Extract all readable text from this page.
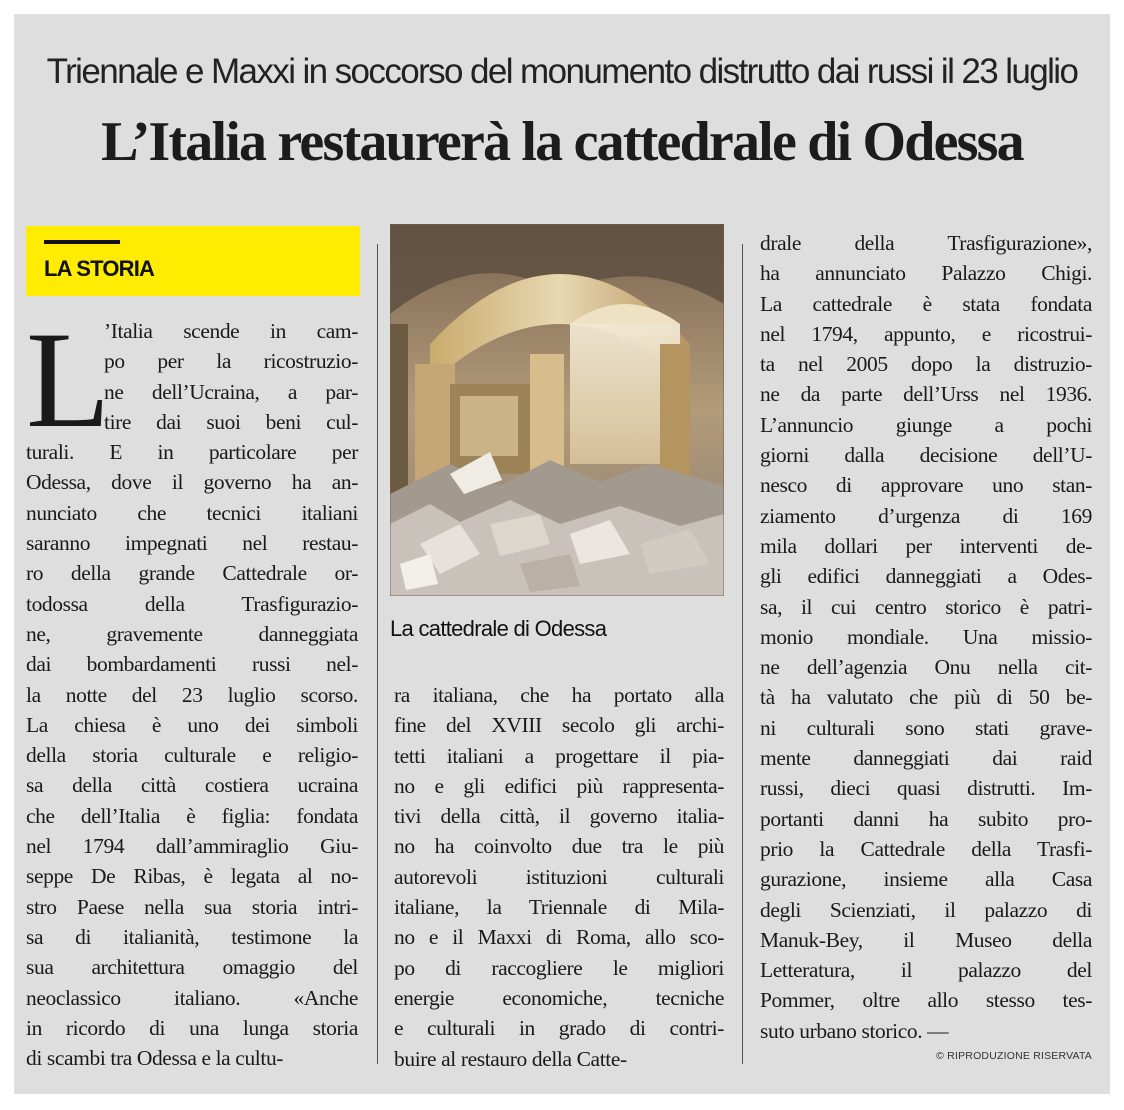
Triennale e Maxxi in soccorso del monumento distrutto dai russi il 23 luglio
L’Italia restaurerà la cattedrale di Odessa
LA STORIA
L
’Italia scende in cam-
po per la ricostruzio-
ne dell’Ucraina, a par-
tire dai suoi beni cul-
turali. E in particolare per
Odessa, dove il governo ha an-
nunciato che tecnici italiani
saranno impegnati nel restau-
ro della grande Cattedrale or-
todossa della Trasfigurazio-
ne, gravemente danneggiata
dai bombardamenti russi nel-
la notte del 23 luglio scorso.
La chiesa è uno dei simboli
della storia culturale e religio-
sa della città costiera ucraina
che dell’Italia è figlia: fondata
nel 1794 dall’ammiraglio Giu-
seppe De Ribas, è legata al no-
stro Paese nella sua storia intri-
sa di italianità, testimone la
sua architettura omaggio del
neoclassico italiano. «Anche
in ricordo di una lunga storia
di scambi tra Odessa e la cultu-
La cattedrale di Odessa
ra italiana, che ha portato alla
fine del XVIII secolo gli archi-
tetti italiani a progettare il pia-
no e gli edifici più rappresenta-
tivi della città, il governo italia-
no ha coinvolto due tra le più
autorevoli istituzioni culturali
italiane, la Triennale di Mila-
no e il Maxxi di Roma, allo sco-
po di raccogliere le migliori
energie economiche, tecniche
e culturali in grado di contri-
buire al restauro della Catte-
drale della Trasfigurazione»,
ha annunciato Palazzo Chigi.
La cattedrale è stata fondata
nel 1794, appunto, e ricostrui-
ta nel 2005 dopo la distruzio-
ne da parte dell’Urss nel 1936.
L’annuncio giunge a pochi
giorni dalla decisione dell’U-
nesco di approvare uno stan-
ziamento d’urgenza di 169
mila dollari per interventi de-
gli edifici danneggiati a Odes-
sa, il cui centro storico è patri-
monio mondiale. Una missio-
ne dell’agenzia Onu nella cit-
tà ha valutato che più di 50 be-
ni culturali sono stati grave-
mente danneggiati dai raid
russi, dieci quasi distrutti. Im-
portanti danni ha subito pro-
prio la Cattedrale della Trasfi-
gurazione, insieme alla Casa
degli Scienziati, il palazzo di
Manuk-Bey, il Museo della
Letteratura, il palazzo del
Pommer, oltre allo stesso tes-
suto urbano storico. —
© RIPRODUZIONE RISERVATA
